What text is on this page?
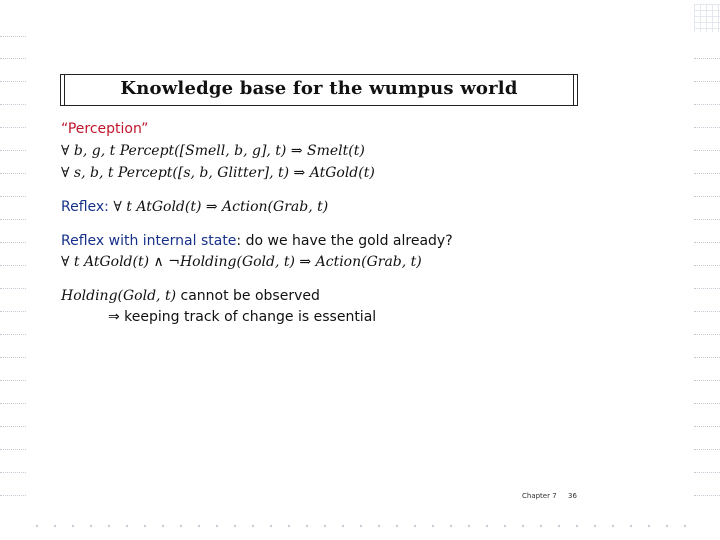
Knowledge base for the wumpus world
“Perception”
∀ b, g, t Percept([Smell, b, g], t) ⇒ Smelt(t)
∀ s, b, t Percept([s, b, Glitter], t) ⇒ AtGold(t)
Reflex: ∀ t AtGold(t) ⇒ Action(Grab, t)
Reflex with internal state: do we have the gold already?
∀ t AtGold(t) ∧ ¬Holding(Gold, t) ⇒ Action(Grab, t)
Holding(Gold, t) cannot be observed
⇒ keeping track of change is essential
Chapter 7 36
